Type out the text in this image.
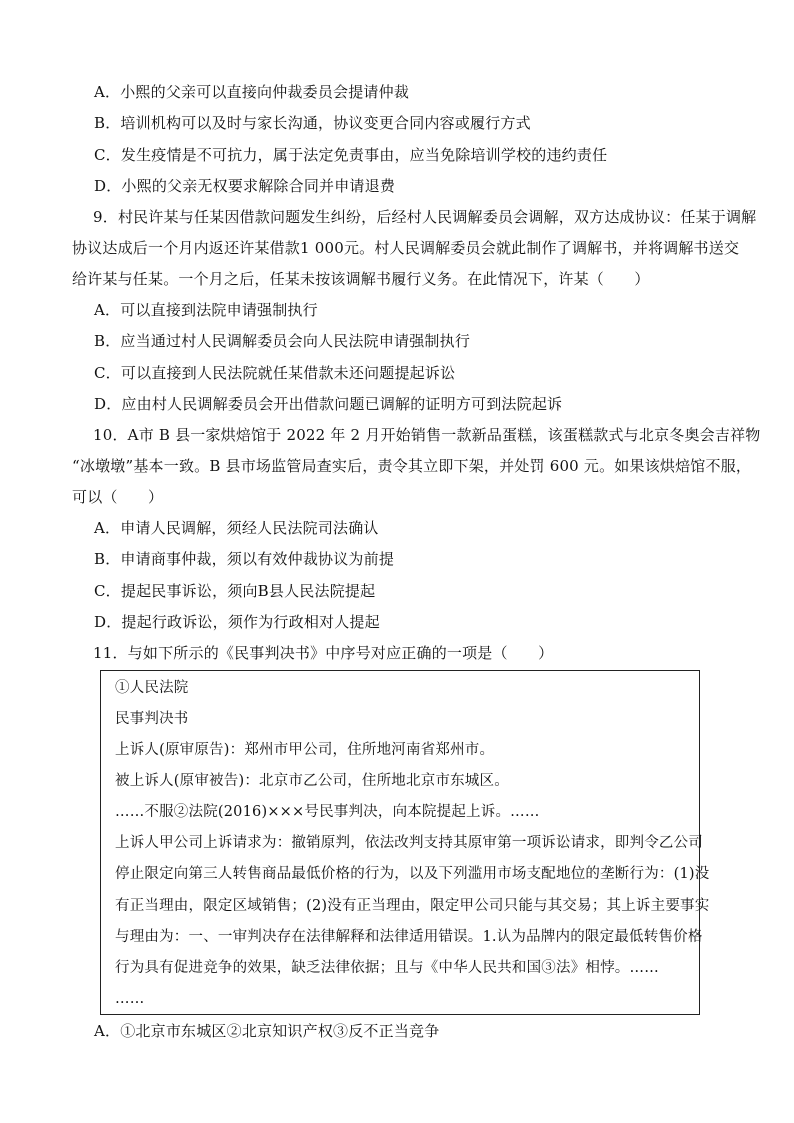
A．小熙的父亲可以直接向仲裁委员会提请仲裁
B．培训机构可以及时与家长沟通，协议变更合同内容或履行方式
C．发生疫情是不可抗力，属于法定免责事由，应当免除培训学校的违约责任
D．小熙的父亲无权要求解除合同并申请退费
9．村民许某与任某因借款问题发生纠纷，后经村人民调解委员会调解，双方达成协议：任某于调解
协议达成后一个月内返还许某借款1 000元。村人民调解委员会就此制作了调解书，并将调解书送交
给许某与任某。一个月之后，任某未按该调解书履行义务。在此情况下，许某（　　）
A．可以直接到法院申请强制执行
B．应当通过村人民调解委员会向人民法院申请强制执行
C．可以直接到人民法院就任某借款未还问题提起诉讼
D．应由村人民调解委员会开出借款问题已调解的证明方可到法院起诉
10．A市 B 县一家烘焙馆于 2022 年 2 月开始销售一款新品蛋糕，该蛋糕款式与北京冬奥会吉祥物
“冰墩墩”基本一致。B 县市场监管局查实后，责令其立即下架，并处罚 600 元。如果该烘焙馆不服，
可以（　　）
A．申请人民调解，须经人民法院司法确认
B．申请商事仲裁，须以有效仲裁协议为前提
C．提起民事诉讼，须向B县人民法院提起
D．提起行政诉讼，须作为行政相对人提起
11．与如下所示的《民事判决书》中序号对应正确的一项是（　　）
①人民法院
民事判决书
上诉人(原审原告)：郑州市甲公司，住所地河南省郑州市。
被上诉人(原审被告)：北京市乙公司，住所地北京市东城区。
……不服②法院(2016)×××号民事判决，向本院提起上诉。……
上诉人甲公司上诉请求为：撤销原判，依法改判支持其原审第一项诉讼请求，即判令乙公司
停止限定向第三人转售商品最低价格的行为，以及下列滥用市场支配地位的垄断行为：(1)没
有正当理由，限定区域销售；(2)没有正当理由，限定甲公司只能与其交易；其上诉主要事实
与理由为：一、一审判决存在法律解释和法律适用错误。1.认为品牌内的限定最低转售价格
行为具有促进竞争的效果，缺乏法律依据；且与《中华人民共和国③法》相悖。……
……
A．①北京市东城区②北京知识产权③反不正当竞争
